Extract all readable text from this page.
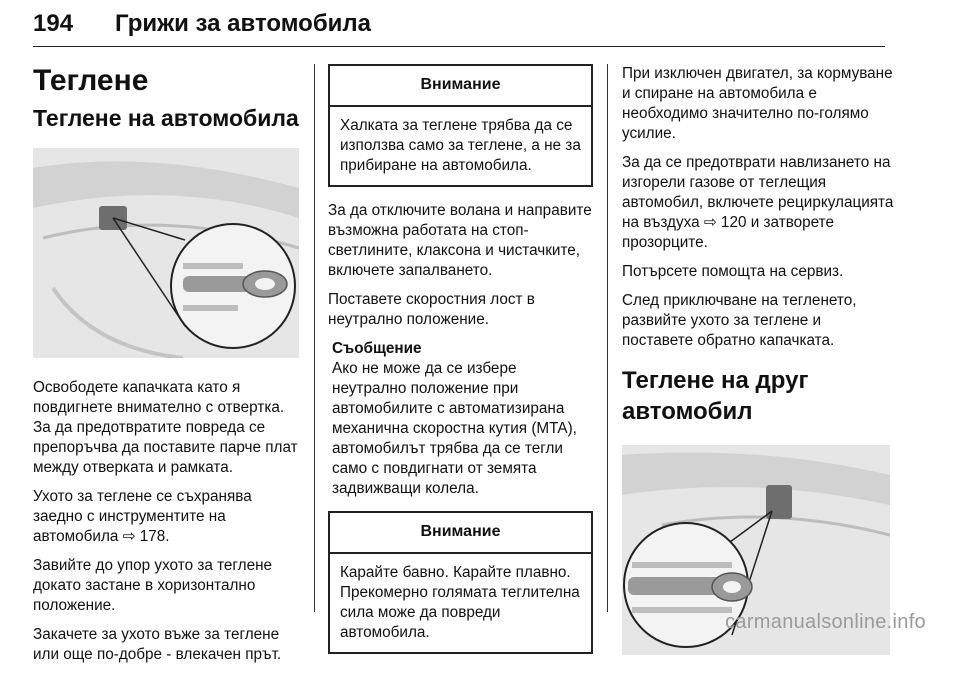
194 Грижи за автомобила
Теглене
Теглене на автомобила

Освободете капачката като я повдигнете внимателно с отвертка. За да предотвратите повреда се препоръчва да поставите парче плат между отверката и рамката.

Ухото за теглене се съхранява заедно с инструментите на автомобила ⇨ 178.

Завийте до упор ухото за теглене докато застане в хоризонтално положение.

Закачете за ухото въже за теглене или още по-добре - влекачен прът.

Внимание
Халката за теглене трябва да се използва само за теглене, а не за прибиране на автомобила.

За да отключите волана и направите възможна работата на стоп-светлините, клаксона и чистачките, включете запалването.

Поставете скоростния лост в неутрално положение.

Съобщение
Ако не може да се избере неутрално положение при автомобилите с автоматизирана механична скоростна кутия (MTA), автомобилът трябва да се тегли само с повдигнати от земята задвижващи колела.
Внимание
Карайте бавно. Карайте плавно. Прекомерно голямата теглителна сила може да повреди автомобила.

При изключен двигател, за кормуване и спиране на автомобила е необходимо значително по-голямо усилие.

За да се предотврати навлизането на изгорели газове от теглещия автомобил, включете рециркулацията на въздуха ⇨ 120 и затворете прозорците.

Потърсете помощта на сервиз.

След приключване на тегленето, развийте ухото за теглене и поставете обратно капачката.

Теглене на друг автомобил
carmanualsonline.info
